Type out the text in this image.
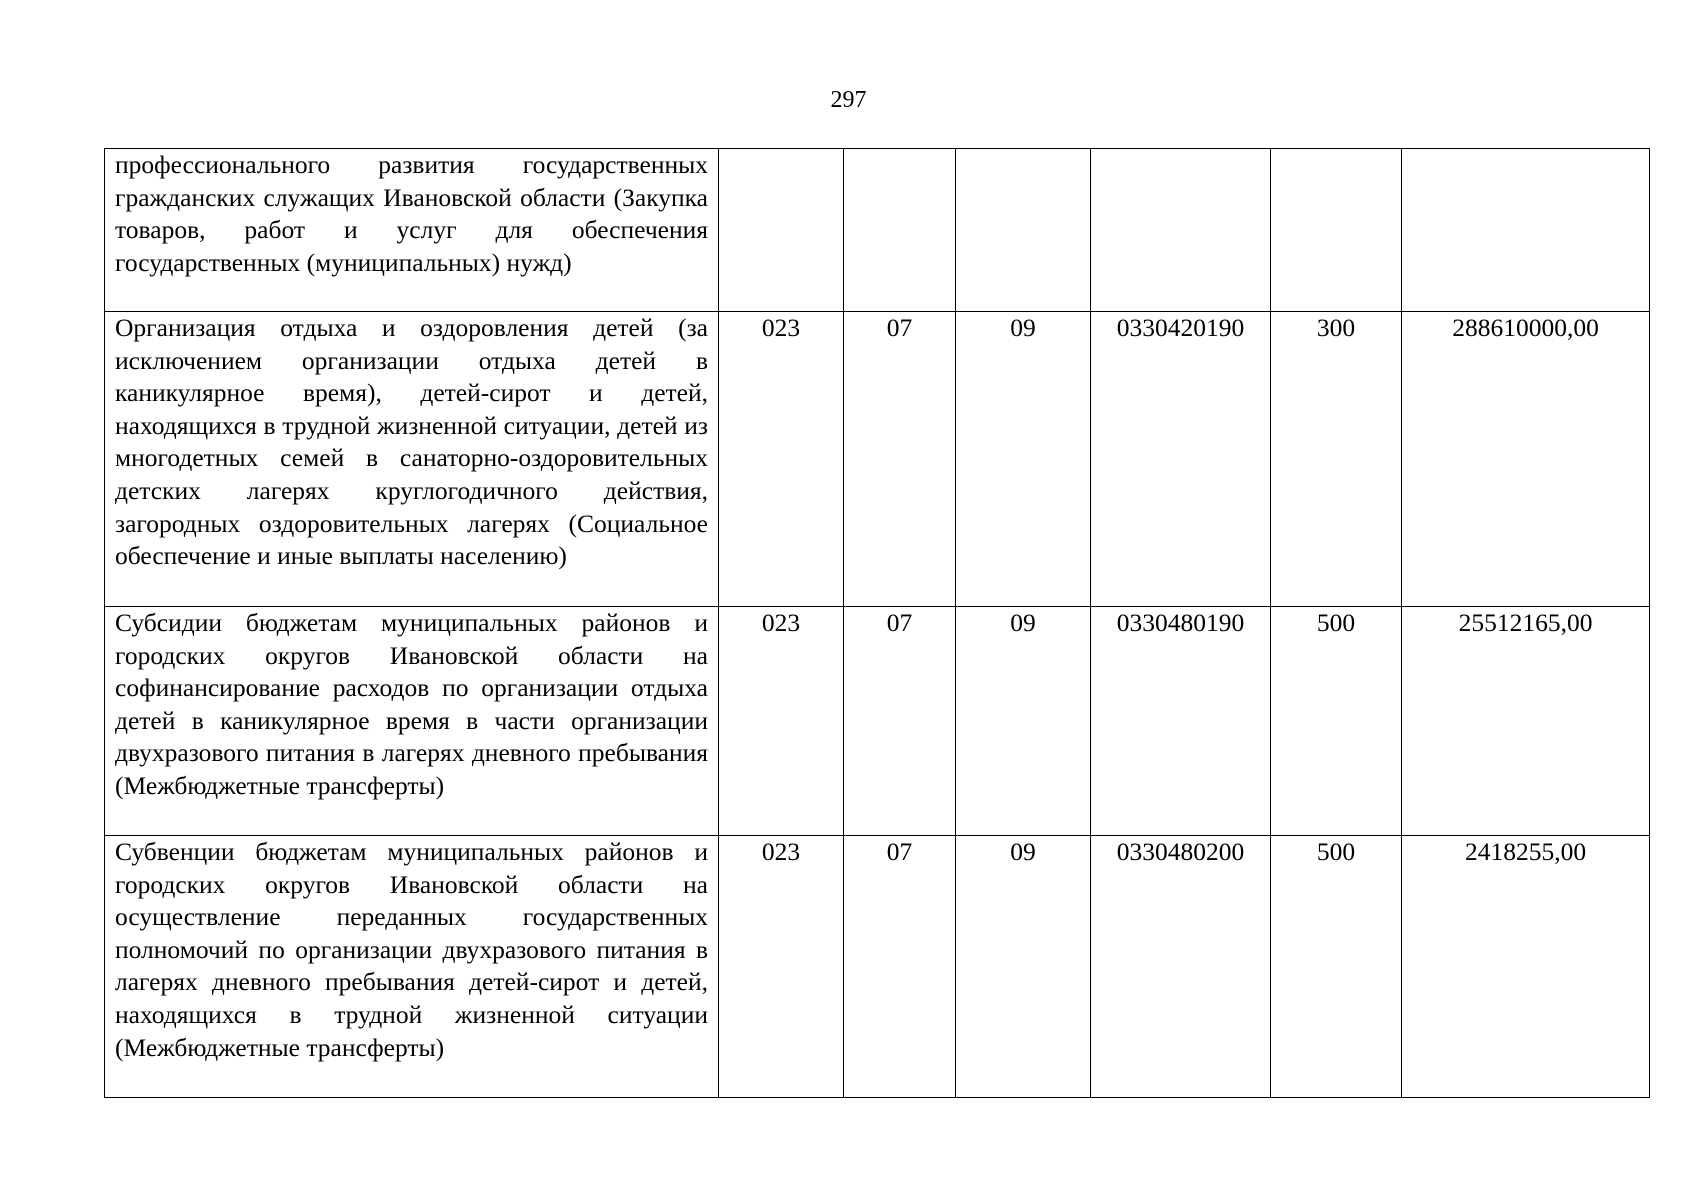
297
профессионального развития государственных гражданских служащих Ивановской области (Закупка товаров, работ и услуг для обеспечения государственных (муниципальных) нужд)						
Организация отдыха и оздоровления детей (за исключением организации отдыха детей в каникулярное время), детей-сирот и детей, находящихся в трудной жизненной ситуации, детей из многодетных семей в санаторно-оздоровительных детских лагерях круглогодичного действия, загородных оздоровительных лагерях (Социальное обеспечение и иные выплаты населению)	023	07	09	0330420190	300	288610000,00
Субсидии бюджетам муниципальных районов и городских округов Ивановской области на софинансирование расходов по организации отдыха детей в каникулярное время в части организации двухразового питания в лагерях дневного пребывания (Межбюджетные трансферты)	023	07	09	0330480190	500	25512165,00
Субвенции бюджетам муниципальных районов и городских округов Ивановской области на осуществление переданных государственных полномочий по организации двухразового питания в лагерях дневного пребывания детей-сирот и детей, находящихся в трудной жизненной ситуации (Межбюджетные трансферты)	023	07	09	0330480200	500	2418255,00
